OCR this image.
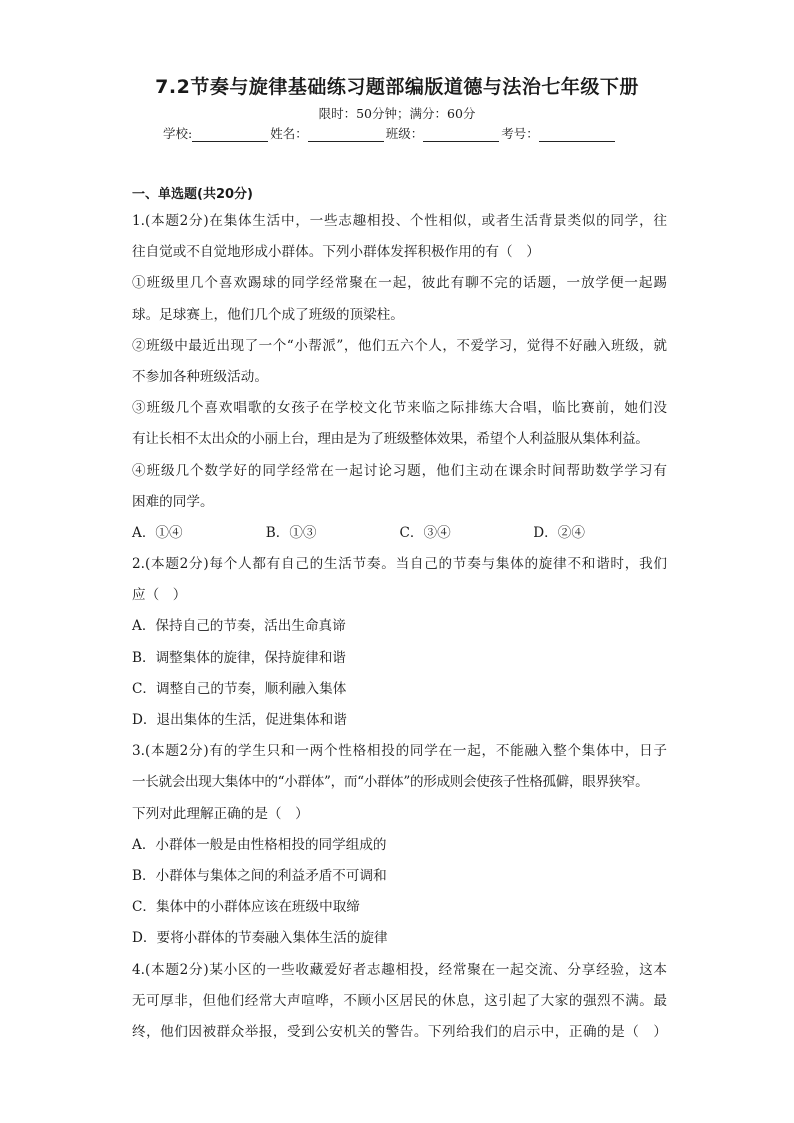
7.2节奏与旋律基础练习题部编版道德与法治七年级下册
限时：50分钟；满分：60分
学校:	姓名：	班级：	考号：
一、单选题(共20分)
1.(本题2分)在集体生活中，一些志趣相投、个性相似，或者生活背景类似的同学，往
往自觉或不自觉地形成小群体。下列小群体发挥积极作用的有（　）
①班级里几个喜欢踢球的同学经常聚在一起，彼此有聊不完的话题，一放学便一起踢
球。足球赛上，他们几个成了班级的顶梁柱。
②班级中最近出现了一个“小帮派”，他们五六个人，不爱学习，觉得不好融入班级，就
不参加各种班级活动。
③班级几个喜欢唱歌的女孩子在学校文化节来临之际排练大合唱，临比赛前，她们没
有让长相不太出众的小丽上台，理由是为了班级整体效果，希望个人利益服从集体利益。
④班级几个数学好的同学经常在一起讨论习题，他们主动在课余时间帮助数学学习有
困难的同学。
A．①④	B．①③	C．③④	D．②④
2.(本题2分)每个人都有自己的生活节奏。当自己的节奏与集体的旋律不和谐时，我们
应（　）
A．保持自己的节奏，活出生命真谛
B．调整集体的旋律，保持旋律和谐
C．调整自己的节奏，顺利融入集体
D．退出集体的生活，促进集体和谐
3.(本题2分)有的学生只和一两个性格相投的同学在一起，不能融入整个集体中，日子
一长就会出现大集体中的“小群体”，而“小群体”的形成则会使孩子性格孤僻，眼界狭窄。
下列对此理解正确的是（　）
A．小群体一般是由性格相投的同学组成的
B．小群体与集体之间的利益矛盾不可调和
C．集体中的小群体应该在班级中取缔
D．要将小群体的节奏融入集体生活的旋律
4.(本题2分)某小区的一些收藏爱好者志趣相投，经常聚在一起交流、分享经验，这本
无可厚非，但他们经常大声喧哗，不顾小区居民的休息，这引起了大家的强烈不满。最
终，他们因被群众举报，受到公安机关的警告。下列给我们的启示中，正确的是（　）
